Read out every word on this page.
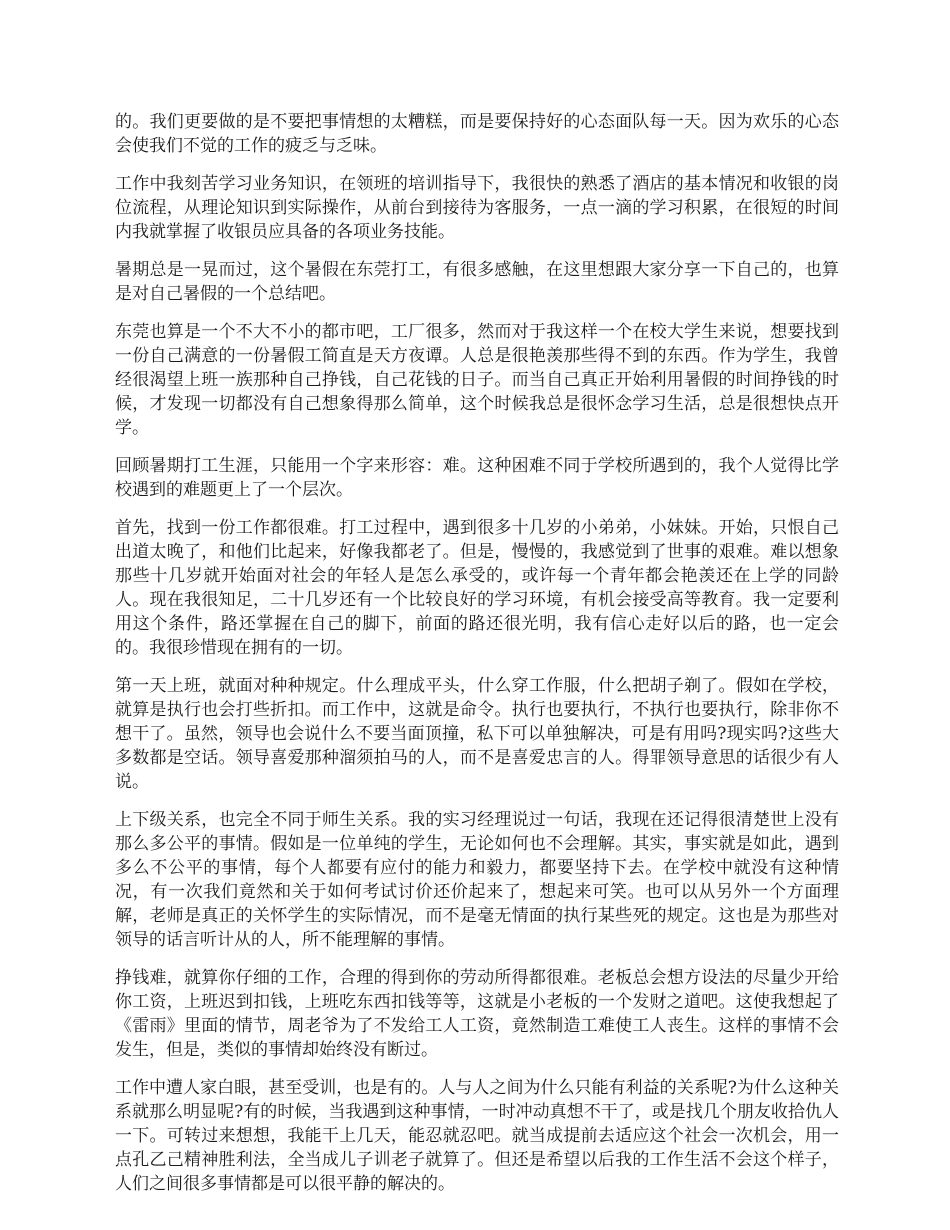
的。我们更要做的是不要把事情想的太糟糕，而是要保持好的心态面队每一天。因为欢乐的心态会使我们不觉的工作的疲乏与乏味。

工作中我刻苦学习业务知识，在领班的培训指导下，我很快的熟悉了酒店的基本情况和收银的岗位流程，从理论知识到实际操作，从前台到接待为客服务，一点一滴的学习积累，在很短的时间内我就掌握了收银员应具备的各项业务技能。

暑期总是一晃而过，这个暑假在东莞打工，有很多感触，在这里想跟大家分享一下自己的，也算是对自己暑假的一个总结吧。

东莞也算是一个不大不小的都市吧，工厂很多，然而对于我这样一个在校大学生来说，想要找到一份自己满意的一份暑假工简直是天方夜谭。人总是很艳羡那些得不到的东西。作为学生，我曾经很渴望上班一族那种自己挣钱，自己花钱的日子。而当自己真正开始利用暑假的时间挣钱的时候，才发现一切都没有自己想象得那么简单，这个时候我总是很怀念学习生活，总是很想快点开学。

回顾暑期打工生涯，只能用一个字来形容：难。这种困难不同于学校所遇到的，我个人觉得比学校遇到的难题更上了一个层次。

首先，找到一份工作都很难。打工过程中，遇到很多十几岁的小弟弟，小妹妹。开始，只恨自己出道太晚了，和他们比起来，好像我都老了。但是，慢慢的，我感觉到了世事的艰难。难以想象那些十几岁就开始面对社会的年轻人是怎么承受的，或许每一个青年都会艳羡还在上学的同龄人。现在我很知足，二十几岁还有一个比较良好的学习环境，有机会接受高等教育。我一定要利用这个条件，路还掌握在自己的脚下，前面的路还很光明，我有信心走好以后的路，也一定会的。我很珍惜现在拥有的一切。

第一天上班，就面对种种规定。什么理成平头，什么穿工作服，什么把胡子剃了。假如在学校，就算是执行也会打些折扣。而工作中，这就是命令。执行也要执行，不执行也要执行，除非你不想干了。虽然，领导也会说什么不要当面顶撞，私下可以单独解决，可是有用吗?现实吗?这些大多数都是空话。领导喜爱那种溜须拍马的人，而不是喜爱忠言的人。得罪领导意思的话很少有人说。

上下级关系，也完全不同于师生关系。我的实习经理说过一句话，我现在还记得很清楚世上没有那么多公平的事情。假如是一位单纯的学生，无论如何也不会理解。其实，事实就是如此，遇到多么不公平的事情，每个人都要有应付的能力和毅力，都要坚持下去。在学校中就没有这种情况，有一次我们竟然和关于如何考试讨价还价起来了，想起来可笑。也可以从另外一个方面理解，老师是真正的关怀学生的实际情况，而不是毫无情面的执行某些死的规定。这也是为那些对领导的话言听计从的人，所不能理解的事情。

挣钱难，就算你仔细的工作，合理的得到你的劳动所得都很难。老板总会想方设法的尽量少开给你工资，上班迟到扣钱，上班吃东西扣钱等等，这就是小老板的一个发财之道吧。这使我想起了《雷雨》里面的情节，周老爷为了不发给工人工资，竟然制造工难使工人丧生。这样的事情不会发生，但是，类似的事情却始终没有断过。

工作中遭人家白眼，甚至受训，也是有的。人与人之间为什么只能有利益的关系呢?为什么这种关系就那么明显呢?有的时候，当我遇到这种事情，一时冲动真想不干了，或是找几个朋友收拾仇人一下。可转过来想想，我能干上几天，能忍就忍吧。就当成提前去适应这个社会一次机会，用一点孔乙己精神胜利法，全当成儿子训老子就算了。但还是希望以后我的工作生活不会这个样子，人们之间很多事情都是可以很平静的解决的。
